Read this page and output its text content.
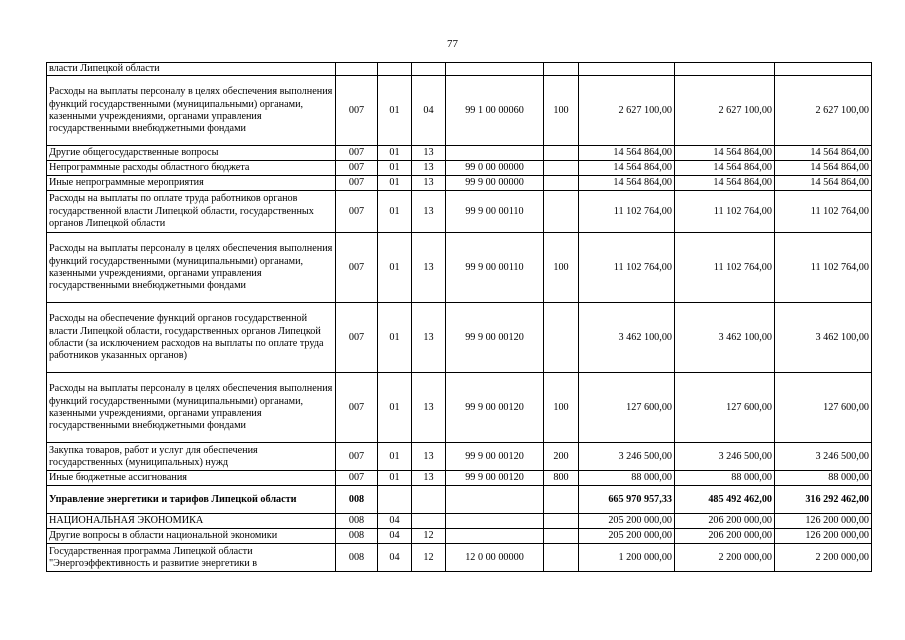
77
власти Липецкой области								
Расходы на выплаты персоналу в целях обеспечения выполнения функций государственными (муниципальными) органами, казенными учреждениями, органами управления государственными внебюджетными фондами	007	01	04	99 1 00 00060	100	2 627 100,00	2 627 100,00	2 627 100,00
Другие общегосударственные вопросы	007	01	13			14 564 864,00	14 564 864,00	14 564 864,00
Непрограммные расходы областного бюджета	007	01	13	99 0 00 00000		14 564 864,00	14 564 864,00	14 564 864,00
Иные непрограммные мероприятия	007	01	13	99 9 00 00000		14 564 864,00	14 564 864,00	14 564 864,00
Расходы на выплаты по оплате труда работников органов государственной власти Липецкой области, государственных органов Липецкой области	007	01	13	99 9 00 00110		11 102 764,00	11 102 764,00	11 102 764,00
Расходы на выплаты персоналу в целях обеспечения выполнения функций государственными (муниципальными) органами, казенными учреждениями, органами управления государственными внебюджетными фондами	007	01	13	99 9 00 00110	100	11 102 764,00	11 102 764,00	11 102 764,00
Расходы на обеспечение функций органов государственной власти Липецкой области, государственных органов Липецкой области (за исключением расходов на выплаты по оплате труда работников указанных органов)	007	01	13	99 9 00 00120		3 462 100,00	3 462 100,00	3 462 100,00
Расходы на выплаты персоналу в целях обеспечения выполнения функций государственными (муниципальными) органами, казенными учреждениями, органами управления государственными внебюджетными фондами	007	01	13	99 9 00 00120	100	127 600,00	127 600,00	127 600,00
Закупка товаров, работ и услуг для обеспечения государственных (муниципальных) нужд	007	01	13	99 9 00 00120	200	3 246 500,00	3 246 500,00	3 246 500,00
Иные бюджетные ассигнования	007	01	13	99 9 00 00120	800	88 000,00	88 000,00	88 000,00
Управление энергетики и тарифов Липецкой области	008					665 970 957,33	485 492 462,00	316 292 462,00
НАЦИОНАЛЬНАЯ ЭКОНОМИКА	008	04				205 200 000,00	206 200 000,00	126 200 000,00
Другие вопросы в области национальной экономики	008	04	12			205 200 000,00	206 200 000,00	126 200 000,00
Государственная программа Липецкой области "Энергоэффективность и развитие энергетики в	008	04	12	12 0 00 00000		1 200 000,00	2 200 000,00	2 200 000,00
